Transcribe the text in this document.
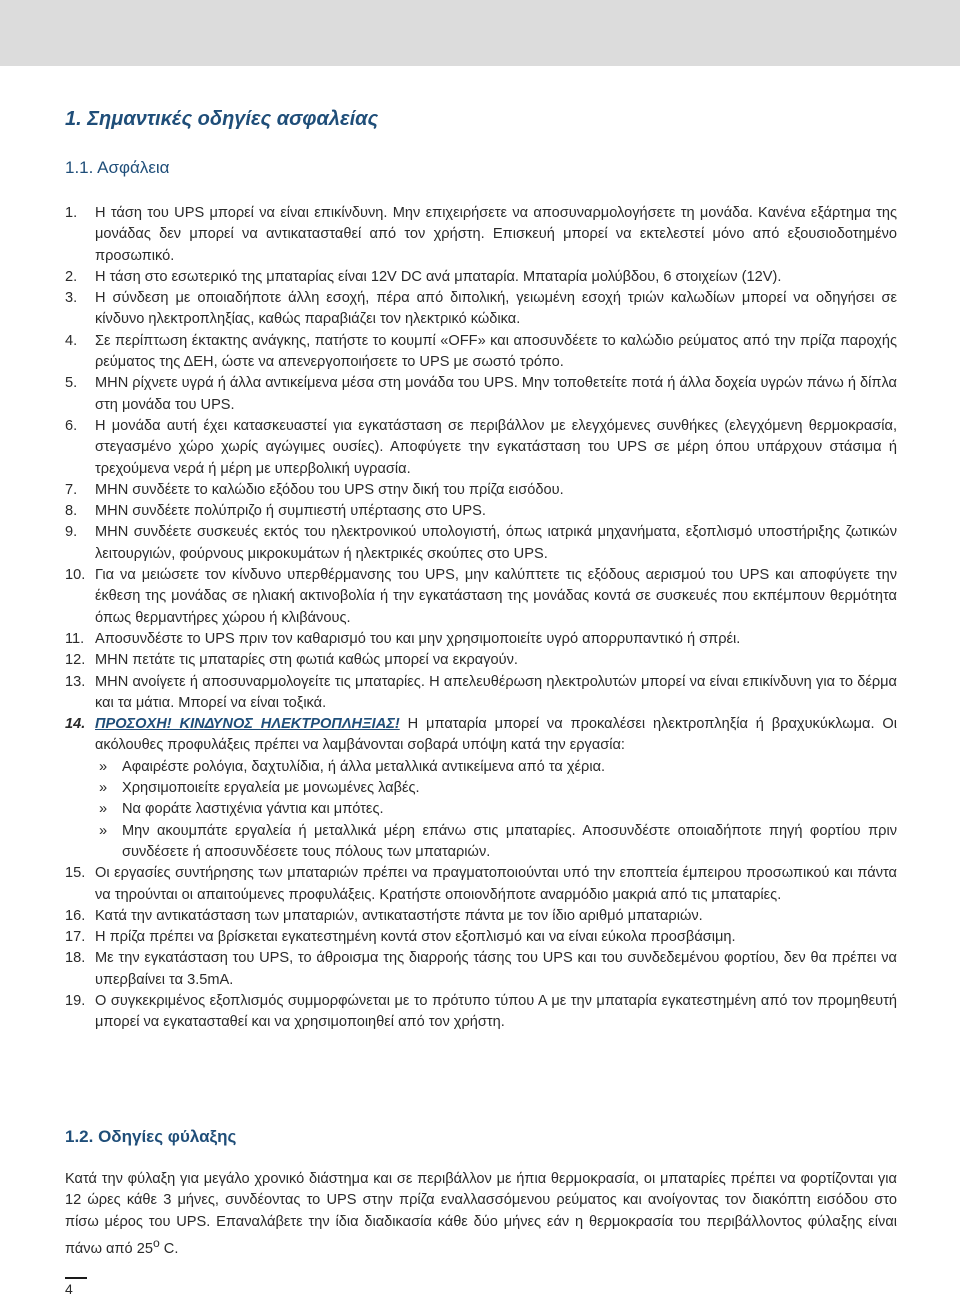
1. Σημαντικές οδηγίες ασφαλείας
1.1. Ασφάλεια
1. Η τάση του UPS μπορεί να είναι επικίνδυνη. Μην επιχειρήσετε να αποσυναρμολογήσετε τη μονάδα. Κανένα εξάρτημα της μονάδας δεν μπορεί να αντικατασταθεί από τον χρήστη. Επισκευή μπορεί να εκτελεστεί μόνο από εξουσιοδοτημένο προσωπικό.
2. Η τάση στο εσωτερικό της μπαταρίας είναι 12V DC ανά μπαταρία. Μπαταρία μολύβδου, 6 στοιχείων (12V).
3. Η σύνδεση με οποιαδήποτε άλλη εσοχή, πέρα από διπολική, γειωμένη εσοχή τριών καλωδίων μπορεί να οδηγήσει σε κίνδυνο ηλεκτροπληξίας, καθώς παραβιάζει τον ηλεκτρικό κώδικα.
4. Σε περίπτωση έκτακτης ανάγκης, πατήστε το κουμπί «OFF» και αποσυνδέετε το καλώδιο ρεύματος από την πρίζα παροχής ρεύματος της ΔΕΗ, ώστε να απενεργοποιήσετε το UPS με σωστό τρόπο.
5. ΜΗΝ ρίχνετε υγρά ή άλλα αντικείμενα μέσα στη μονάδα του UPS. Μην τοποθετείτε ποτά ή άλλα δοχεία υγρών πάνω ή δίπλα στη μονάδα του UPS.
6. Η μονάδα αυτή έχει κατασκευαστεί για εγκατάσταση σε περιβάλλον με ελεγχόμενες συνθήκες (ελεγχόμενη θερμοκρασία, στεγασμένο χώρο χωρίς αγώγιμες ουσίες). Αποφύγετε την εγκατάσταση του UPS σε μέρη όπου υπάρχουν στάσιμα ή τρεχούμενα νερά ή μέρη με υπερβολική υγρασία.
7. ΜΗΝ συνδέετε το καλώδιο εξόδου του UPS στην δική του πρίζα εισόδου.
8. ΜΗΝ συνδέετε πολύπριζο ή συμπιεστή υπέρτασης στο UPS.
9. ΜΗΝ συνδέετε συσκευές εκτός του ηλεκτρονικού υπολογιστή, όπως ιατρικά μηχανήματα, εξοπλισμό υποστήριξης ζωτικών λειτουργιών, φούρνους μικροκυμάτων ή ηλεκτρικές σκούπες στο UPS.
10. Για να μειώσετε τον κίνδυνο υπερθέρμανσης του UPS, μην καλύπτετε τις εξόδους αερισμού του UPS και αποφύγετε την έκθεση της μονάδας σε ηλιακή ακτινοβολία ή την εγκατάσταση της μονάδας κοντά σε συσκευές που εκπέμπουν θερμότητα όπως θερμαντήρες χώρου ή κλιβάνους.
11. Αποσυνδέστε το UPS πριν τον καθαρισμό του και μην χρησιμοποιείτε υγρό απορρυπαντικό ή σπρέι.
12. ΜΗΝ πετάτε τις μπαταρίες στη φωτιά καθώς μπορεί να εκραγούν.
13. ΜΗΝ ανοίγετε ή αποσυναρμολογείτε τις μπαταρίες. Η απελευθέρωση ηλεκτρολυτών μπορεί να είναι επικίνδυνη για το δέρμα και τα μάτια. Μπορεί να είναι τοξικά.
14. ΠΡΟΣΟΧΗ! ΚΙΝΔΥΝΟΣ ΗΛΕΚΤΡΟΠΛΗΞΙΑΣ! Η μπαταρία μπορεί να προκαλέσει ηλεκτροπληξία ή βραχυκύκλωμα. Οι ακόλουθες προφυλάξεις πρέπει να λαμβάνονται σοβαρά υπόψη κατά την εργασία:
» Αφαιρέστε ρολόγια, δαχτυλίδια, ή άλλα μεταλλικά αντικείμενα από τα χέρια.
» Χρησιμοποιείτε εργαλεία με μονωμένες λαβές.
» Να φοράτε λαστιχένια γάντια και μπότες.
» Μην ακουμπάτε εργαλεία ή μεταλλικά μέρη επάνω στις μπαταρίες. Αποσυνδέστε οποιαδήποτε πηγή φορτίου πριν συνδέσετε ή αποσυνδέσετε τους πόλους των μπαταριών.
15. Οι εργασίες συντήρησης των μπαταριών πρέπει να πραγματοποιούνται υπό την εποπτεία έμπειρου προσωπικού και πάντα να τηρούνται οι απαιτούμενες προφυλάξεις. Κρατήστε οποιονδήποτε αναρμόδιο μακριά από τις μπαταρίες.
16. Κατά την αντικατάσταση των μπαταριών, αντικαταστήστε πάντα με τον ίδιο αριθμό μπαταριών.
17. Η πρίζα πρέπει να βρίσκεται εγκατεστημένη κοντά στον εξοπλισμό και να είναι εύκολα προσβάσιμη.
18. Με την εγκατάσταση του UPS, το άθροισμα της διαρροής τάσης του UPS και του συνδεδεμένου φορτίου, δεν θα πρέπει να υπερβαίνει τα 3.5mA.
19. Ο συγκεκριμένος εξοπλισμός συμμορφώνεται με το πρότυπο τύπου Α με την μπαταρία εγκατεστημένη από τον προμηθευτή μπορεί να εγκατασταθεί και να χρησιμοποιηθεί από τον χρήστη.
1.2. Οδηγίες φύλαξης

Κατά την φύλαξη για μεγάλο χρονικό διάστημα και σε περιβάλλον με ήπια θερμοκρασία, οι μπαταρίες πρέπει να φορτίζονται για 12 ώρες κάθε 3 μήνες, συνδέοντας το UPS στην πρίζα εναλλασσόμενου ρεύματος και ανοίγοντας τον διακόπτη εισόδου στο πίσω μέρος του UPS. Επαναλάβετε την ίδια διαδικασία κάθε δύο μήνες εάν η θερμοκρασία του περιβάλλοντος φύλαξης είναι πάνω από $25^o$ C.

4
